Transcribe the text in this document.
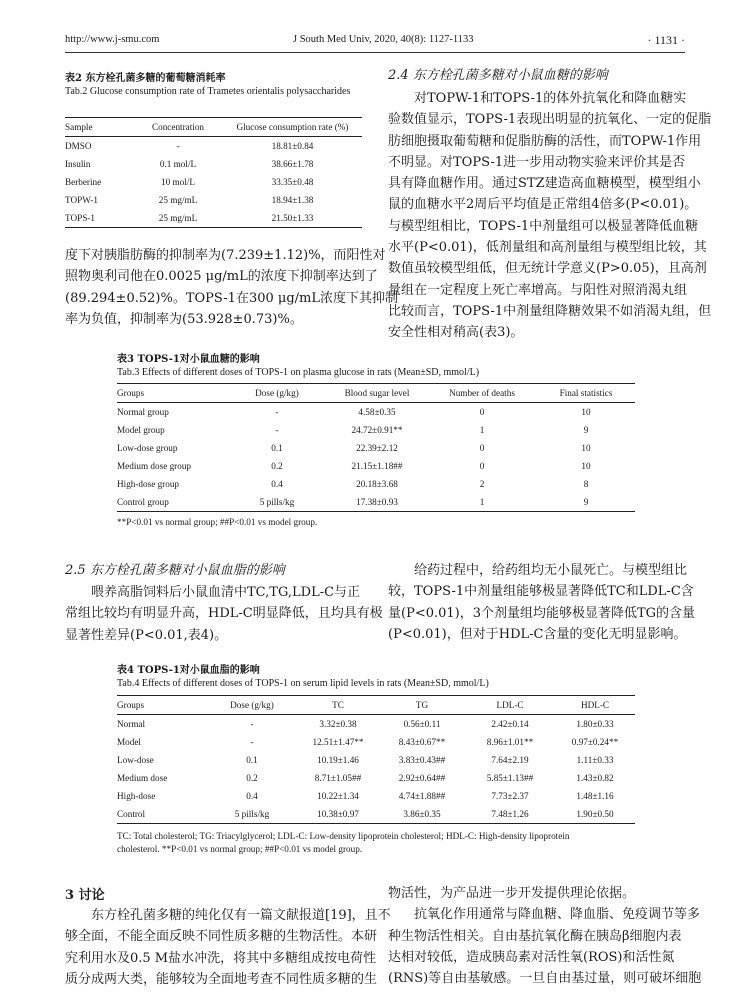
http://www.j-smu.com	J South Med Univ, 2020, 40(8): 1127-1133	· 1131 ·
表2 东方栓孔菌多糖的葡萄糖消耗率
Tab.2 Glucose consumption rate of Trametes orientalis polysaccharides
Sample	Concentration	Glucose consumption rate (%)
DMSO	-	18.81±0.84
Insulin	0.1 mol/L	38.66±1.78
Berberine	10 mol/L	33.35±0.48
TOPW-1	25 mg/mL	18.94±1.38
TOPS-1	25 mg/mL	21.50±1.33
度下对胰脂肪酶的抑制率为(7.239±1.12)%，而阳性对
照物奥利司他在0.0025 μg/mL的浓度下抑制率达到了
(89.294±0.52)%。TOPS-1在300 μg/mL浓度下其抑制
率为负值，抑制率为(53.928±0.73)%。
2.4 东方栓孔菌多糖对小鼠血糖的影响
对TOPW-1和TOPS-1的体外抗氧化和降血糖实
验数值显示，TOPS-1表现出明显的抗氧化、一定的促脂
肪细胞摄取葡萄糖和促脂肪酶的活性，而TOPW-1作用
不明显。对TOPS-1进一步用动物实验来评价其是否
具有降血糖作用。通过STZ建造高血糖模型，模型组小
鼠的血糖水平2周后平均值是正常组4倍多(P<0.01)。
与模型组相比，TOPS-1中剂量组可以极显著降低血糖
水平(P<0.01)，低剂量组和高剂量组与模型组比较，其
数值虽较模型组低，但无统计学意义(P>0.05)，且高剂
量组在一定程度上死亡率增高。与阳性对照消渴丸组
比较而言，TOPS-1中剂量组降糖效果不如消渴丸组，但
安全性相对稍高(表3)。
表3 TOPS-1对小鼠血糖的影响
Tab.3 Effects of different doses of TOPS-1 on plasma glucose in rats (Mean±SD, mmol/L)
Groups	Dose (g/kg)	Blood sugar level	Number of deaths	Final statistics
Normal group	-	4.58±0.35	0	10
Model group	-	24.72±0.91**	1	9
Low-dose group	0.1	22.39±2.12	0	10
Medium dose group	0.2	21.15±1.18##	0	10
High-dose group	0.4	20.18±3.68	2	8
Control group	5 pills/kg	17.38±0.93	1	9
**P<0.01 vs normal group; ##P<0.01 vs model group.
2.5 东方栓孔菌多糖对小鼠血脂的影响
喂养高脂饲料后小鼠血清中TC,TG,LDL-C与正
常组比较均有明显升高，HDL-C明显降低，且均具有极
显著性差异(P<0.01,表4)。
给药过程中，给药组均无小鼠死亡。与模型组比
较，TOPS-1中剂量组能够极显著降低TC和LDL-C含
量(P<0.01)，3个剂量组均能够极显著降低TG的含量
(P<0.01)，但对于HDL-C含量的变化无明显影响。
表4 TOPS-1对小鼠血脂的影响
Tab.4 Effects of different doses of TOPS-1 on serum lipid levels in rats (Mean±SD, mmol/L)
Groups	Dose (g/kg)	TC	TG	LDL-C	HDL-C
Normal	-	3.32±0.38	0.56±0.11	2.42±0.14	1.80±0.33
Model	-	12.51±1.47**	8.43±0.67**	8.96±1.01**	0.97±0.24**
Low-dose	0.1	10.19±1.46	3.83±0.43##	7.64±2.19	1.11±0.33
Medium dose	0.2	8.71±1.05##	2.92±0.64##	5.85±1.13##	1.43±0.82
High-dose	0.4	10.22±1.34	4.74±1.88##	7.73±2.37	1.48±1.16
Control	5 pills/kg	10.38±0.97	3.86±0.35	7.48±1.26	1.90±0.50
TC: Total cholesterol; TG: Triacylglycerol; LDL-C: Low-density lipoprotein cholesterol; HDL-C: High-density lipoprotein
cholesterol. **P<0.01 vs normal group; ##P<0.01 vs model group.
3 讨论
东方栓孔菌多糖的纯化仅有一篇文献报道[19]，且不
够全面，不能全面反映不同性质多糖的生物活性。本研
究利用水及0.5 M盐水冲洗，将其中多糖组成按电荷性
质分成两大类，能够较为全面地考查不同性质多糖的生
物活性，为产品进一步开发提供理论依据。
抗氧化作用通常与降血糖、降血脂、免疫调节等多
种生物活性相关。自由基抗氧化酶在胰岛β细胞内表
达相对较低，造成胰岛素对活性氧(ROS)和活性氮
(RNS)等自由基敏感。一旦自由基过量，则可破坏细胞
